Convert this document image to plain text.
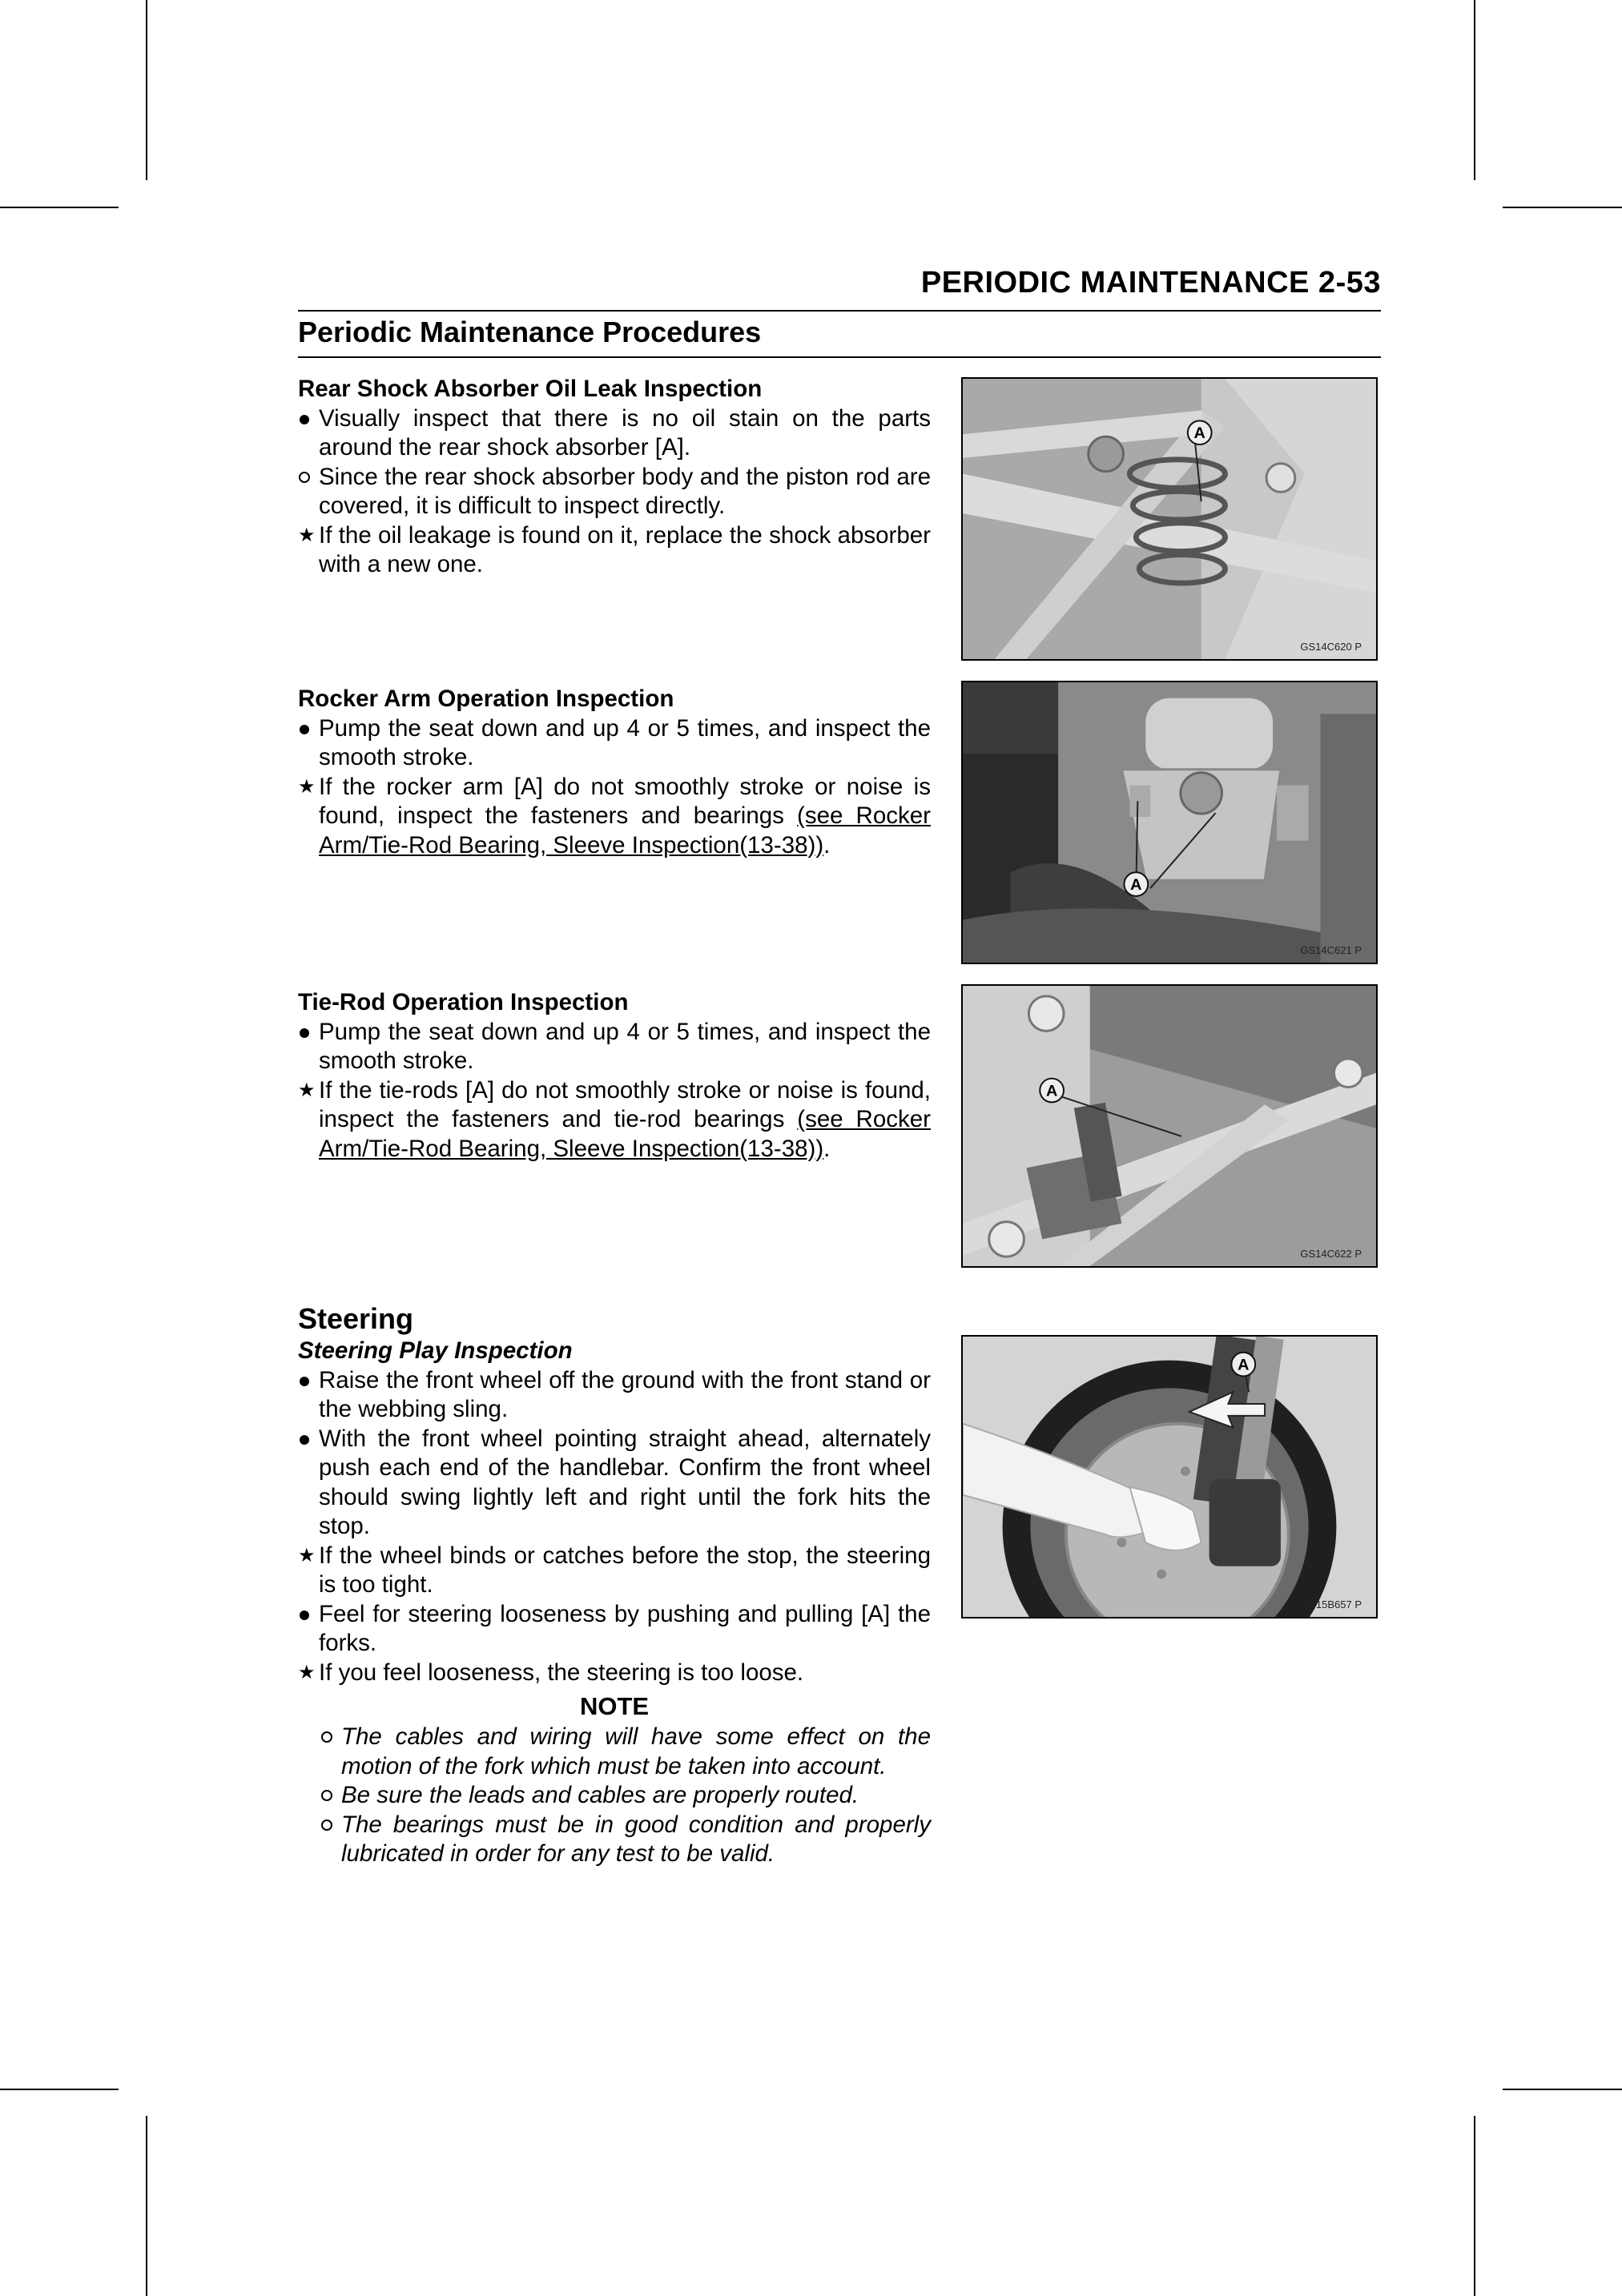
PERIODIC MAINTENANCE 2-53
Periodic Maintenance Procedures
Rear Shock Absorber Oil Leak Inspection
Visually inspect that there is no oil stain on the parts around the rear shock absorber [A].
Since the rear shock absorber body and the piston rod are covered, it is difficult to inspect directly.
★ If the oil leakage is found on it, replace the shock absorber with a new one.
A
GS14C620 P
Rocker Arm Operation Inspection
Pump the seat down and up 4 or 5 times, and inspect the smooth stroke.
★ If the rocker arm [A] do not smoothly stroke or noise is found, inspect the fasteners and bearings (see Rocker Arm/Tie-Rod Bearing, Sleeve Inspection(13-38)).
A
GS14C621 P
Tie-Rod Operation Inspection
Pump the seat down and up 4 or 5 times, and inspect the smooth stroke.
★ If the tie-rods [A] do not smoothly stroke or noise is found, inspect the fasteners and tie-rod bearings (see Rocker Arm/Tie-Rod Bearing, Sleeve Inspection(13-38)).
A
GS14C622 P
Steering
Steering Play Inspection
Raise the front wheel off the ground with the front stand or the webbing sling.
With the front wheel pointing straight ahead, alternately push each end of the handlebar. Confirm the front wheel should swing lightly left and right until the fork hits the stop.
★ If the wheel binds or catches before the stop, the steering is too tight.
Feel for steering looseness by pushing and pulling [A] the forks.
★ If you feel looseness, the steering is too loose.
NOTE
The cables and wiring will have some effect on the motion of the fork which must be taken into account.
Be sure the leads and cables are properly routed.
The bearings must be in good condition and properly lubricated in order for any test to be valid.
A
GS15B657 P
